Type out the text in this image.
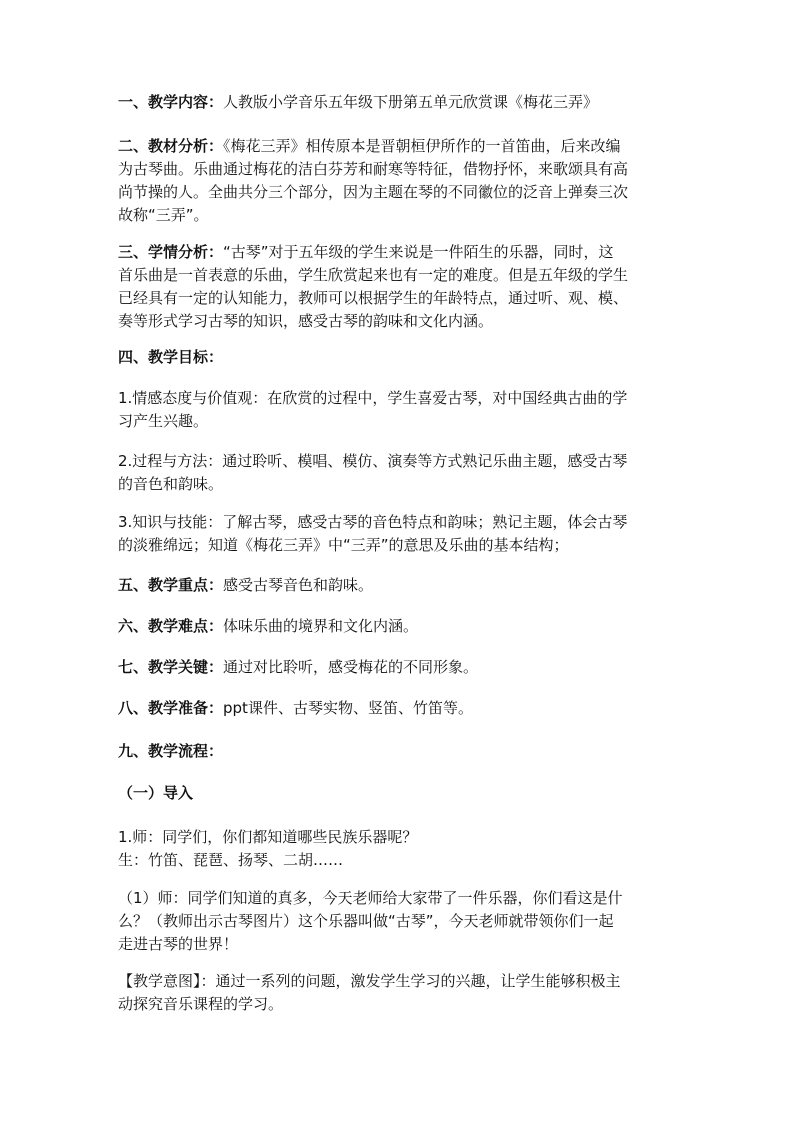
一、教学内容：人教版小学音乐五年级下册第五单元欣赏课《梅花三弄》

二、教材分析：《梅花三弄》相传原本是晋朝桓伊所作的一首笛曲，后来改编

为古琴曲。乐曲通过梅花的洁白芬芳和耐寒等特征，借物抒怀，来歌颂具有高

尚节操的人。全曲共分三个部分，因为主题在琴的不同徽位的泛音上弹奏三次

故称“三弄”。

三、学情分析：“古琴”对于五年级的学生来说是一件陌生的乐器，同时，这

首乐曲是一首表意的乐曲，学生欣赏起来也有一定的难度。但是五年级的学生

已经具有一定的认知能力，教师可以根据学生的年龄特点，通过听、观、模、

奏等形式学习古琴的知识，感受古琴的韵味和文化内涵。

四、教学目标：

1.情感态度与价值观：在欣赏的过程中，学生喜爱古琴，对中国经典古曲的学

习产生兴趣。

2.过程与方法：通过聆听、模唱、模仿、演奏等方式熟记乐曲主题，感受古琴

的音色和韵味。

3.知识与技能：了解古琴，感受古琴的音色特点和韵味；熟记主题，体会古琴

的淡雅绵远；知道《梅花三弄》中“三弄”的意思及乐曲的基本结构；

五、教学重点：感受古琴音色和韵味。

六、教学难点：体味乐曲的境界和文化内涵。

七、教学关键：通过对比聆听，感受梅花的不同形象。

八、教学准备：ppt课件、古琴实物、竖笛、竹笛等。

九、教学流程：

（一）导入

1.师：同学们，你们都知道哪些民族乐器呢？

生：竹笛、琵琶、扬琴、二胡……

（1）师：同学们知道的真多，今天老师给大家带了一件乐器，你们看这是什

么？（教师出示古琴图片）这个乐器叫做“古琴”，今天老师就带领你们一起

走进古琴的世界！

【教学意图】：通过一系列的问题，激发学生学习的兴趣，让学生能够积极主

动探究音乐课程的学习。
